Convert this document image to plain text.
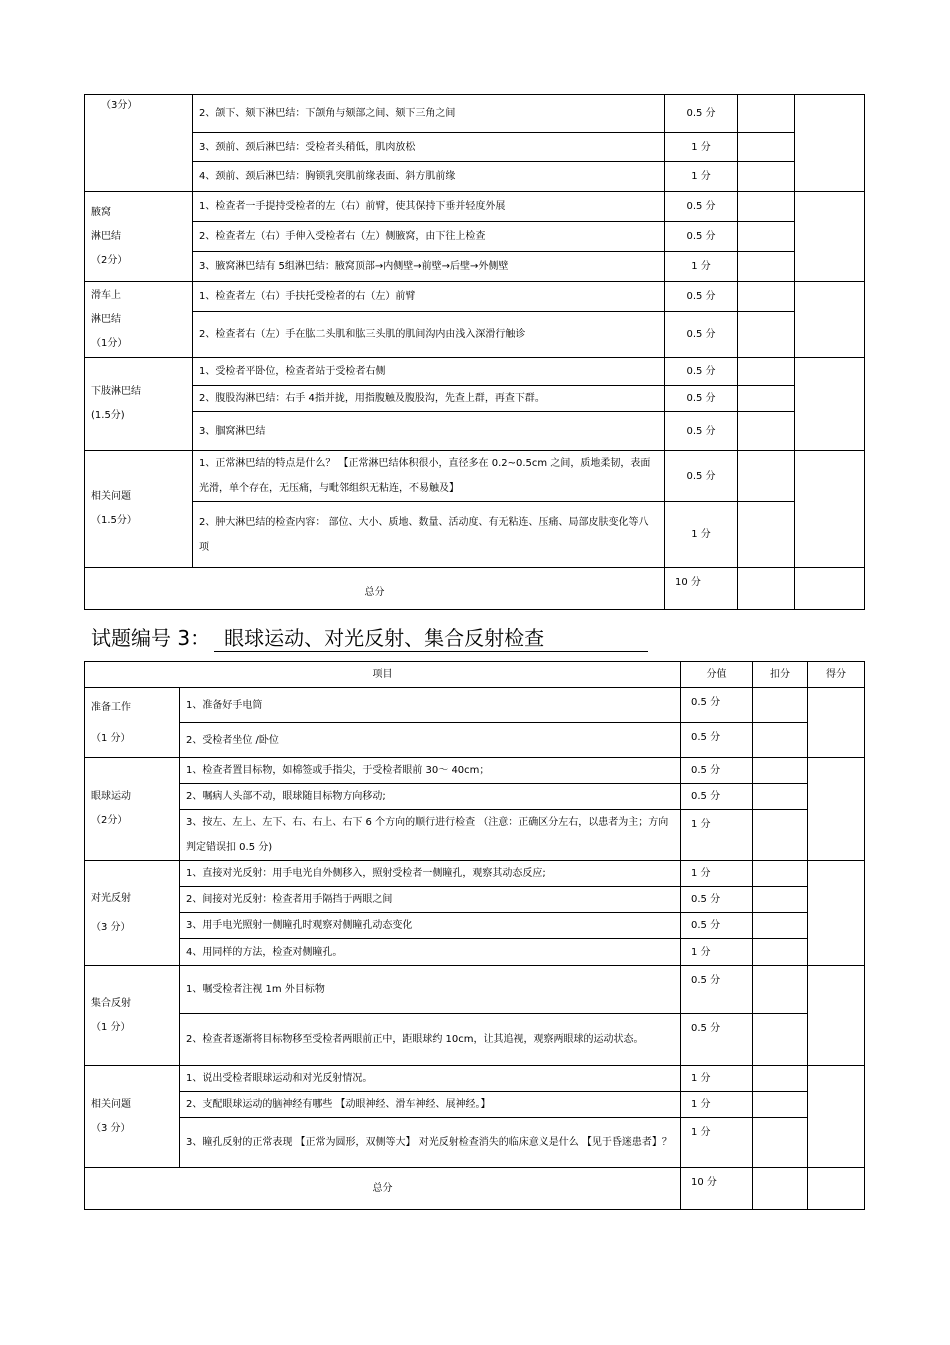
（3分）	2、颌下、颏下淋巴结：下颌角与颏部之间、颏下三角之间	0.5 分		
	3、颈前、颈后淋巴结：受检者头稍低，肌肉放松	1 分		
	4、颈前、颈后淋巴结：胸锁乳突肌前缘表面、斜方肌前缘	1 分		

腋窝
淋巴结
（2分）	1、检查者一手提持受检者的左（右）前臂，使其保持下垂并轻度外展	0.5 分		
	2、检查者左（右）手伸入受检者右（左）侧腋窝，由下往上检查	0.5 分		
	3、腋窝淋巴结有 5组淋巴结：腋窝顶部→内侧壁→前壁→后壁→外侧壁	1 分		

滑车上
淋巴结
（1分）	1、检查者左（右）手扶托受检者的右（左）前臂	0.5 分		
	2、检查者右（左）手在肱二头肌和肱三头肌的肌间沟内由浅入深滑行触诊	0.5 分		

下肢淋巴结
(1.5分)	1、受检者平卧位，检查者站于受检者右侧	0.5 分		
	2、腹股沟淋巴结：右手 4指并拢，用指腹触及腹股沟，先查上群，再查下群。	0.5 分		
	3、腘窝淋巴结	0.5 分		

相关问题
（1.5分）	1、正常淋巴结的特点是什么？ 【正常淋巴结体积很小，直径多在 0.2~0.5cm 之间，质地柔韧，表面光滑，单个存在，无压痛，与毗邻组织无粘连，不易触及】	0.5 分		
	2、肿大淋巴结的检查内容： 部位、大小、质地、数量、活动度、有无粘连、压痛、局部皮肤变化等八项	1 分		
总分		10 分		
试题编号 3： 眼球运动、对光反射、集合反射检查
项目		分值	扣分	得分

准备工作
（1 分）	1、准备好手电筒	0.5 分		
	2、受检者坐位 /卧位	0.5 分		

眼球运动
（2分）	1、检查者置目标物，如棉签或手指尖，于受检者眼前 30～ 40cm；	0.5 分		
	2、嘱病人头部不动，眼球随目标物方向移动;	0.5 分		
	3、按左、左上、左下、右、右上、右下 6 个方向的顺行进行检查 （注意：正确区分左右，以患者为主；方向判定错误扣 0.5 分)	1 分		

对光反射
（3 分）	1、直接对光反射：用手电光自外侧移入，照射受检者一侧瞳孔，观察其动态反应;	1 分		
	2、间接对光反射：检查者用手隔挡于两眼之间	0.5 分		
	3、用手电光照射一侧瞳孔时观察对侧瞳孔动态变化	0.5 分		
	4、用同样的方法，检查对侧瞳孔。	1 分		

集合反射
（1 分）	1、嘱受检者注视 1m 外目标物	0.5 分		
	2、检查者逐渐将目标物移至受检者两眼前正中，距眼球约 10cm，让其追视，观察两眼球的运动状态。	0.5 分		

相关问题
（3 分）	1、说出受检者眼球运动和对光反射情况。	1 分		
	2、支配眼球运动的脑神经有哪些 【动眼神经、滑车神经、展神经。】	1 分		
	3、瞳孔反射的正常表现 【正常为圆形，双侧等大】 对光反射检查消失的临床意义是什么 【见于昏迷患者】？	1 分		
总分		10 分		
